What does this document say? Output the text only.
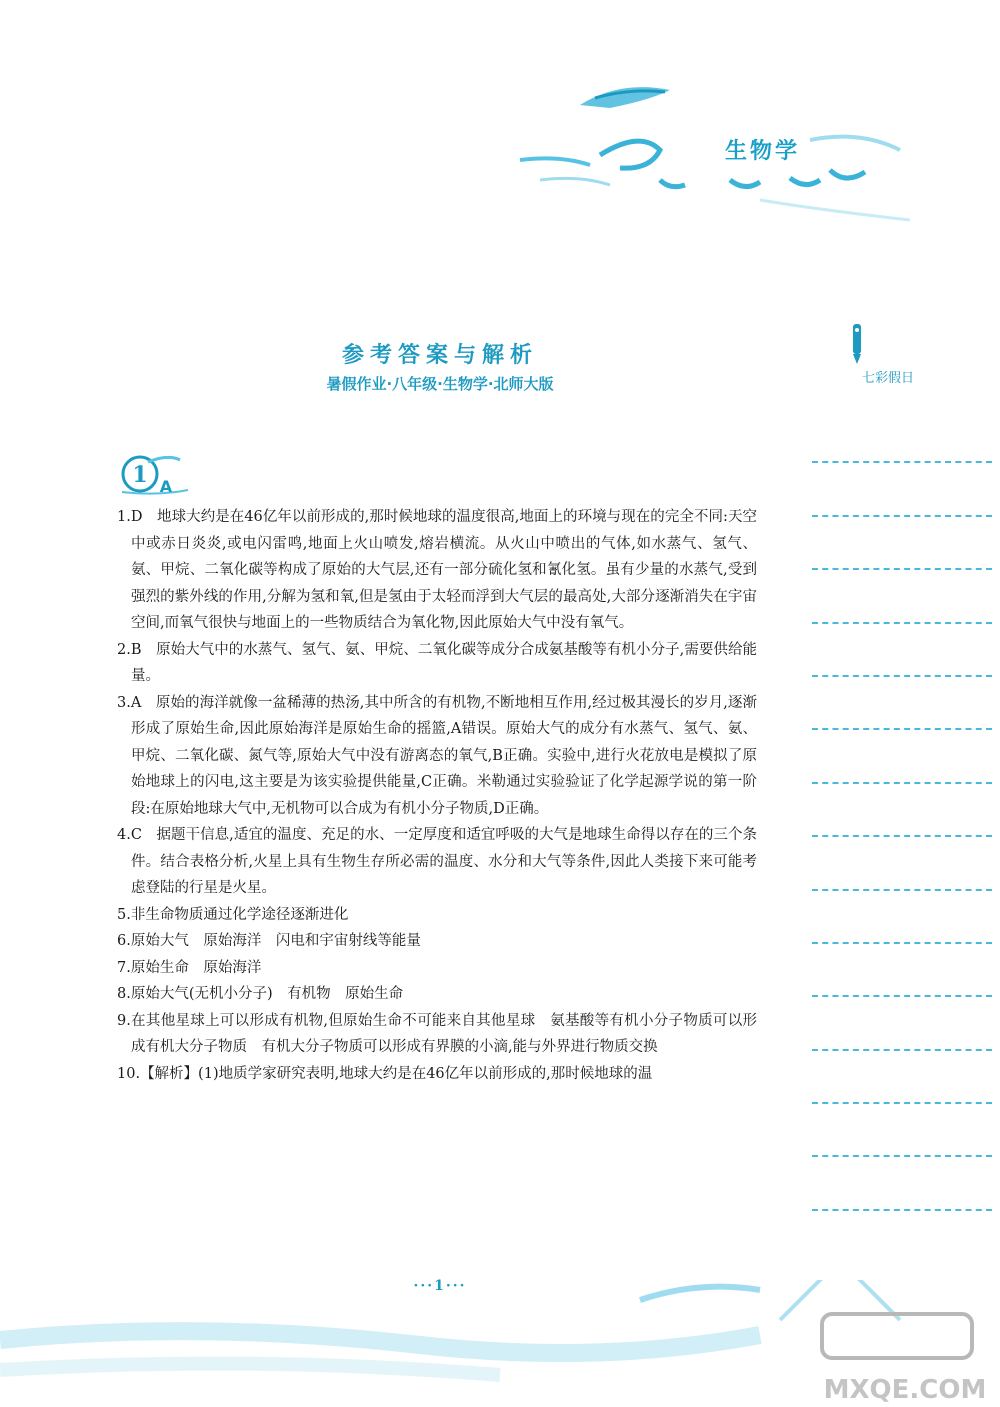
生物学
参考答案与解析
暑假作业·八年级·生物学·北师大版	七彩假日
1 A
1.D　地球大约是在46亿年以前形成的,那时候地球的温度很高,地面上的环境与现在的完全不同:天空中或赤日炎炎,或电闪雷鸣,地面上火山喷发,熔岩横流。从火山中喷出的气体,如水蒸气、氢气、氨、甲烷、二氧化碳等构成了原始的大气层,还有一部分硫化氢和氰化氢。虽有少量的水蒸气,受到强烈的紫外线的作用,分解为氢和氧,但是氢由于太轻而浮到大气层的最高处,大部分逐渐消失在宇宙空间,而氧气很快与地面上的一些物质结合为氧化物,因此原始大气中没有氧气。
2.B　原始大气中的水蒸气、氢气、氨、甲烷、二氧化碳等成分合成氨基酸等有机小分子,需要供给能量。
3.A　原始的海洋就像一盆稀薄的热汤,其中所含的有机物,不断地相互作用,经过极其漫长的岁月,逐渐形成了原始生命,因此原始海洋是原始生命的摇篮,A错误。原始大气的成分有水蒸气、氢气、氨、甲烷、二氧化碳、氮气等,原始大气中没有游离态的氧气,B正确。实验中,进行火花放电是模拟了原始地球上的闪电,这主要是为该实验提供能量,C正确。米勒通过实验验证了化学起源学说的第一阶段:在原始地球大气中,无机物可以合成为有机小分子物质,D正确。
4.C　据题干信息,适宜的温度、充足的水、一定厚度和适宜呼吸的大气是地球生命得以存在的三个条件。结合表格分析,火星上具有生物生存所必需的温度、水分和大气等条件,因此人类接下来可能考虑登陆的行星是火星。
5.非生命物质通过化学途径逐渐进化
6.原始大气　原始海洋　闪电和宇宙射线等能量
7.原始生命　原始海洋
8.原始大气(无机小分子)　有机物　原始生命
9.在其他星球上可以形成有机物,但原始生命不可能来自其他星球　氨基酸等有机小分子物质可以形成有机大分子物质　有机大分子物质可以形成有界膜的小滴,能与外界进行物质交换
10.【解析】(1)地质学家研究表明,地球大约是在46亿年以前形成的,那时候地球的温
···1···
MXQE.COM
